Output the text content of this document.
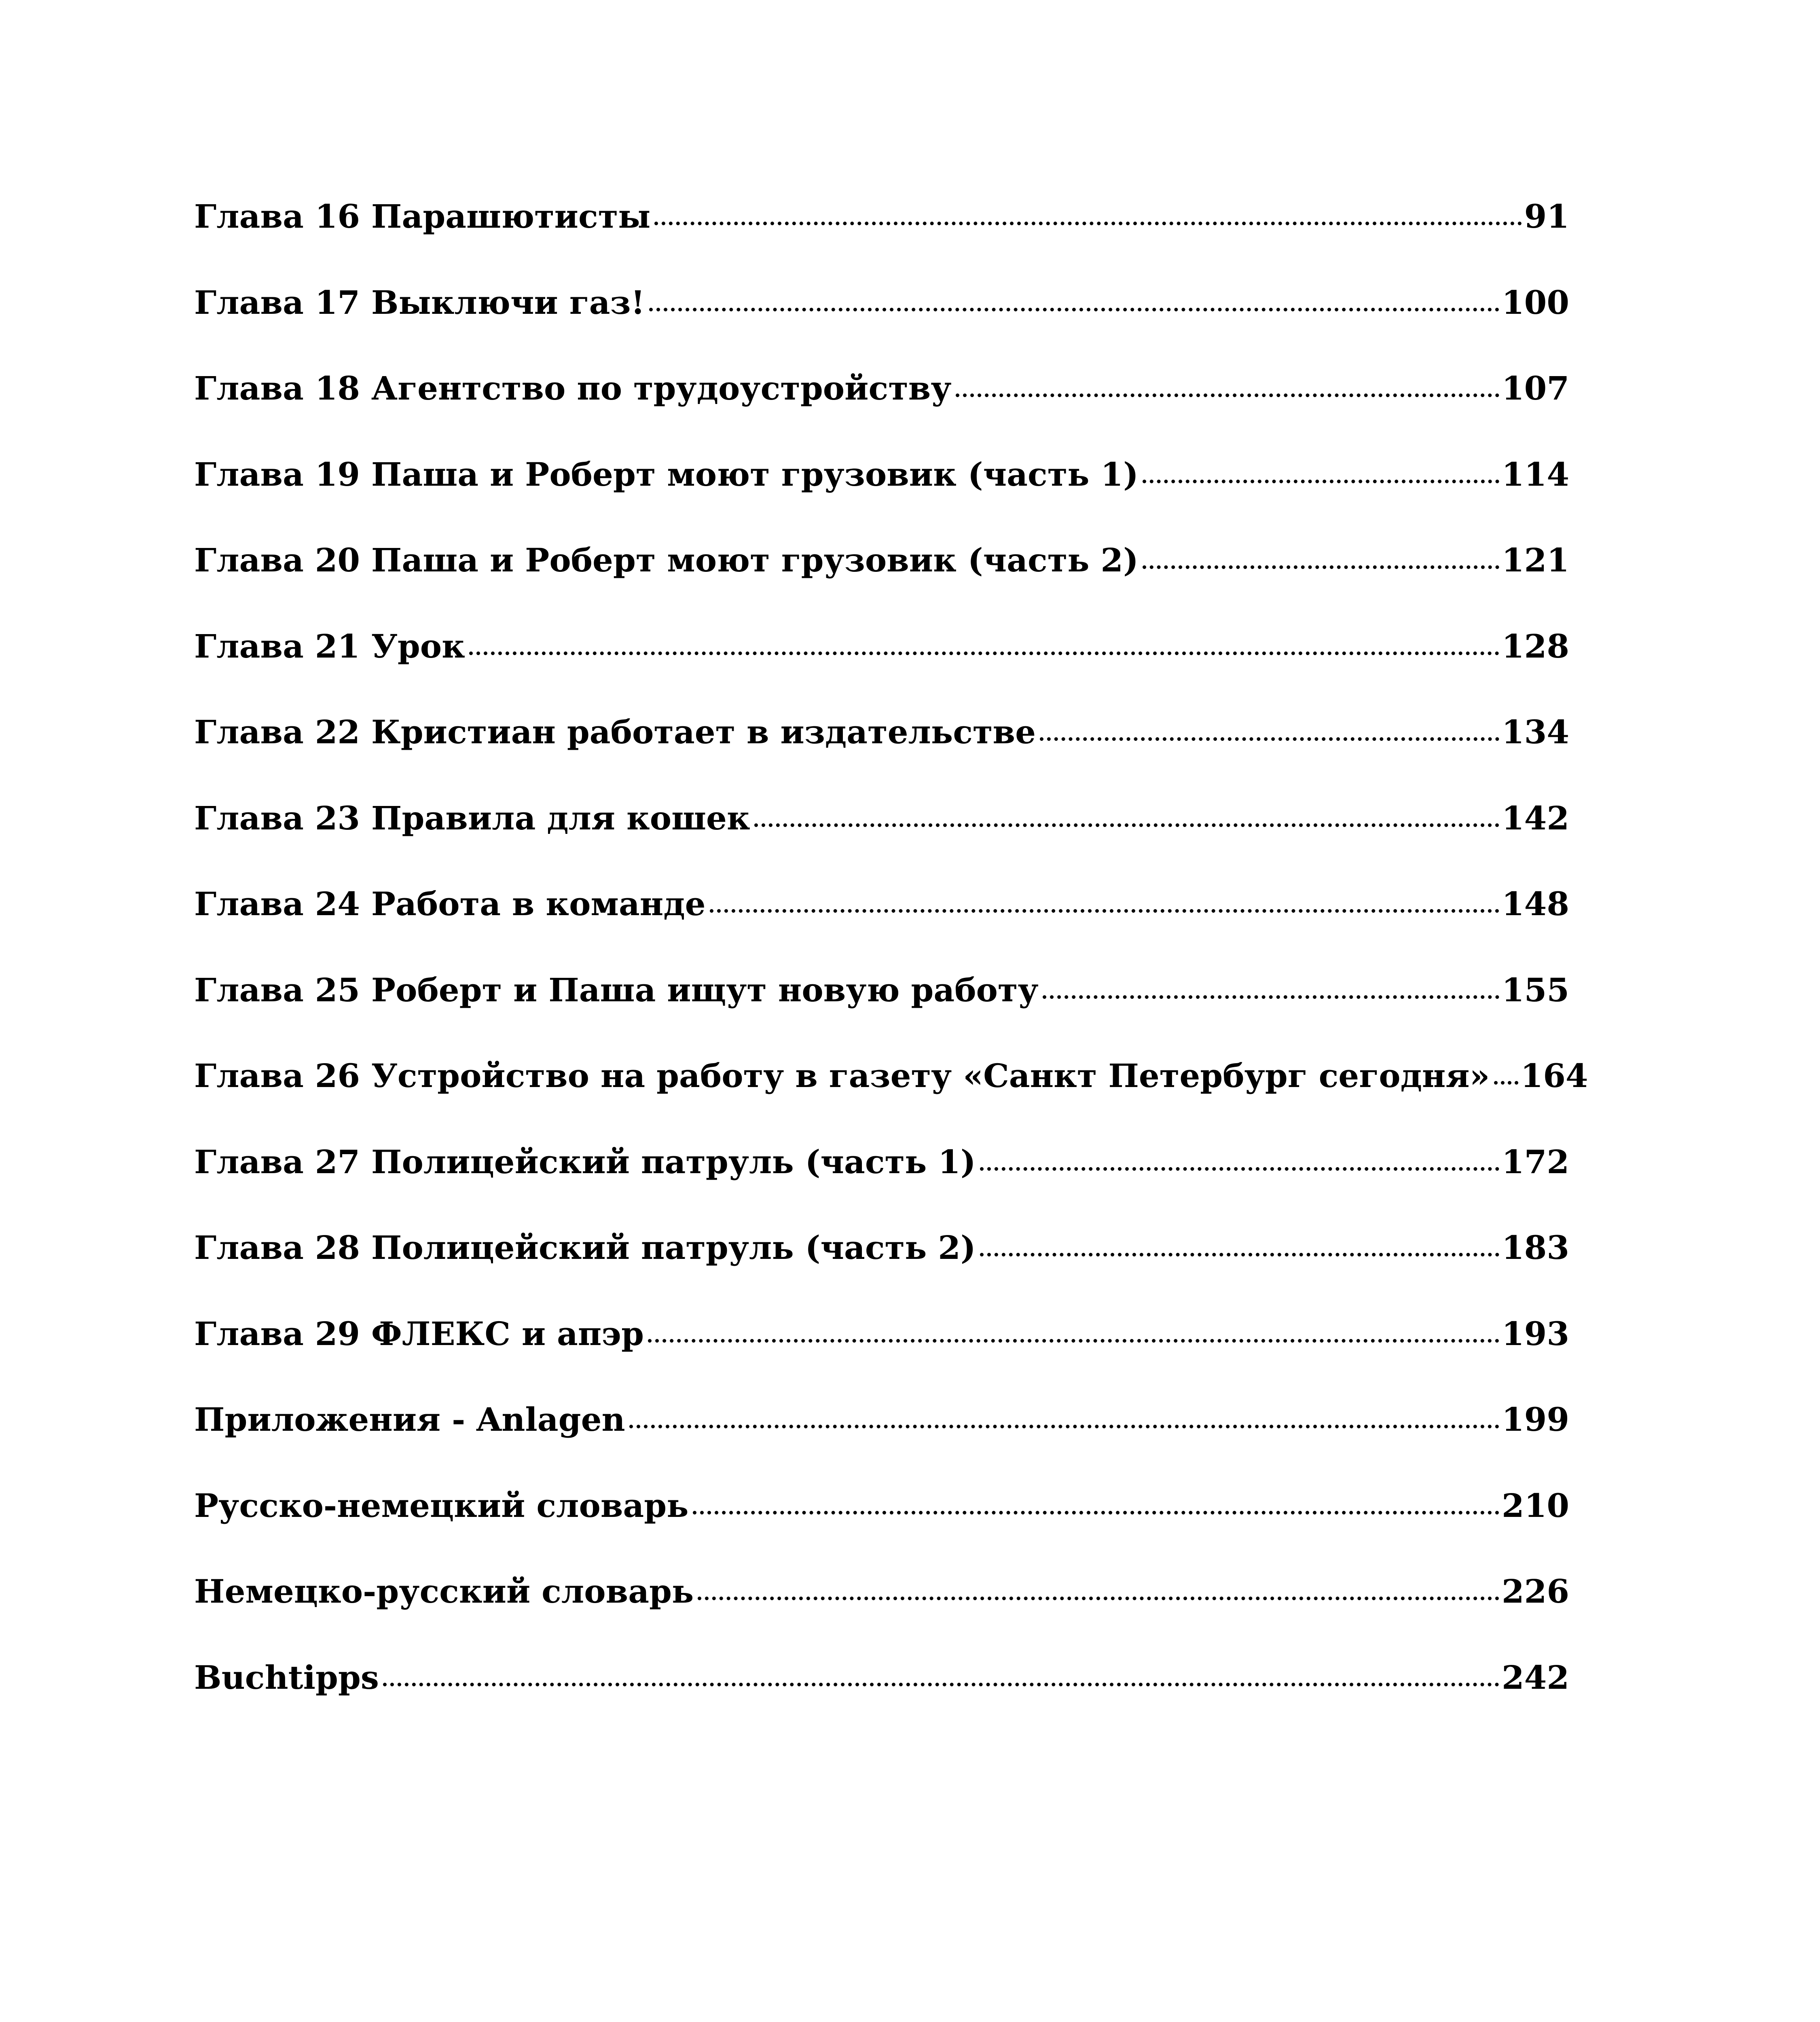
Глава 16 Парашютисты	91
Глава 17 Выключи газ!	100
Глава 18 Агентство по трудоустройству	107
Глава 19 Паша и Роберт моют грузовик (часть 1)	114
Глава 20 Паша и Роберт моют грузовик (часть 2)	121
Глава 21 Урок	128
Глава 22 Кристиан работает в издательстве	134
Глава 23 Правила для кошек	142
Глава 24 Работа в команде	148
Глава 25 Роберт и Паша ищут новую работу	155
Глава 26 Устройство на работу в газету «Санкт Петербург сегодня» 164
Глава 27 Полицейский патруль (часть 1)	172
Глава 28 Полицейский патруль (часть 2)	183
Глава 29 ФЛЕКС и апэр	193
Приложения - Anlagen	199
Русско-немецкий словарь	210
Немецко-русский словарь	226
Buchtipps	242
